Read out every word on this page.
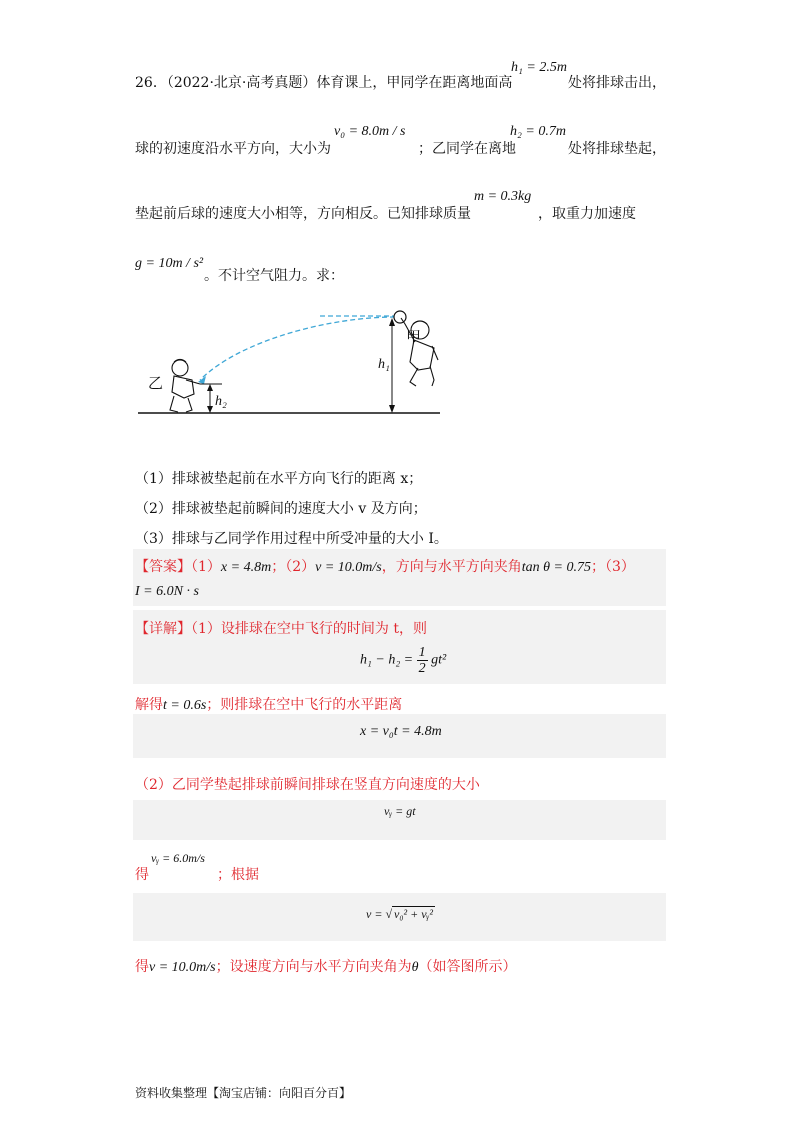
26．（2022·北京·高考真题）体育课上，甲同学在距离地面高
h₁ = 2.5m
处将排球击出，
球的初速度沿水平方向，大小为
v₀ = 8.0m / s
；乙同学在离地
h₂ = 0.7m
处将排球垫起，
垫起前后球的速度大小相等，方向相反。已知排球质量
m = 0.3kg
，取重力加速度
g = 10m / s²
。不计空气阻力。求：
甲
乙
h₁
h₂
（1）排球被垫起前在水平方向飞行的距离 x；
（2）排球被垫起前瞬间的速度大小 v 及方向；
（3）排球与乙同学作用过程中所受冲量的大小 I。
【答案】（1）x = 4.8m；（2）v = 10.0m/s，方向与水平方向夹角tan θ = 0.75；（3）
I = 6.0N · s
【详解】（1）设排球在空中飞行的时间为 t，则
$h_1 - h_2 = \frac{1}{2} gt^2$
解得t = 0.6s；则排球在空中飞行的水平距离
x = v₀t = 4.8m
（2）乙同学垫起排球前瞬间排球在竖直方向速度的大小
vᵧ = gt
得
vᵧ = 6.0m/s
；根据
v = √ v₀² + vᵧ²
得v = 10.0m/s；设速度方向与水平方向夹角为θ（如答图所示）
资料收集整理【淘宝店铺：向阳百分百】
